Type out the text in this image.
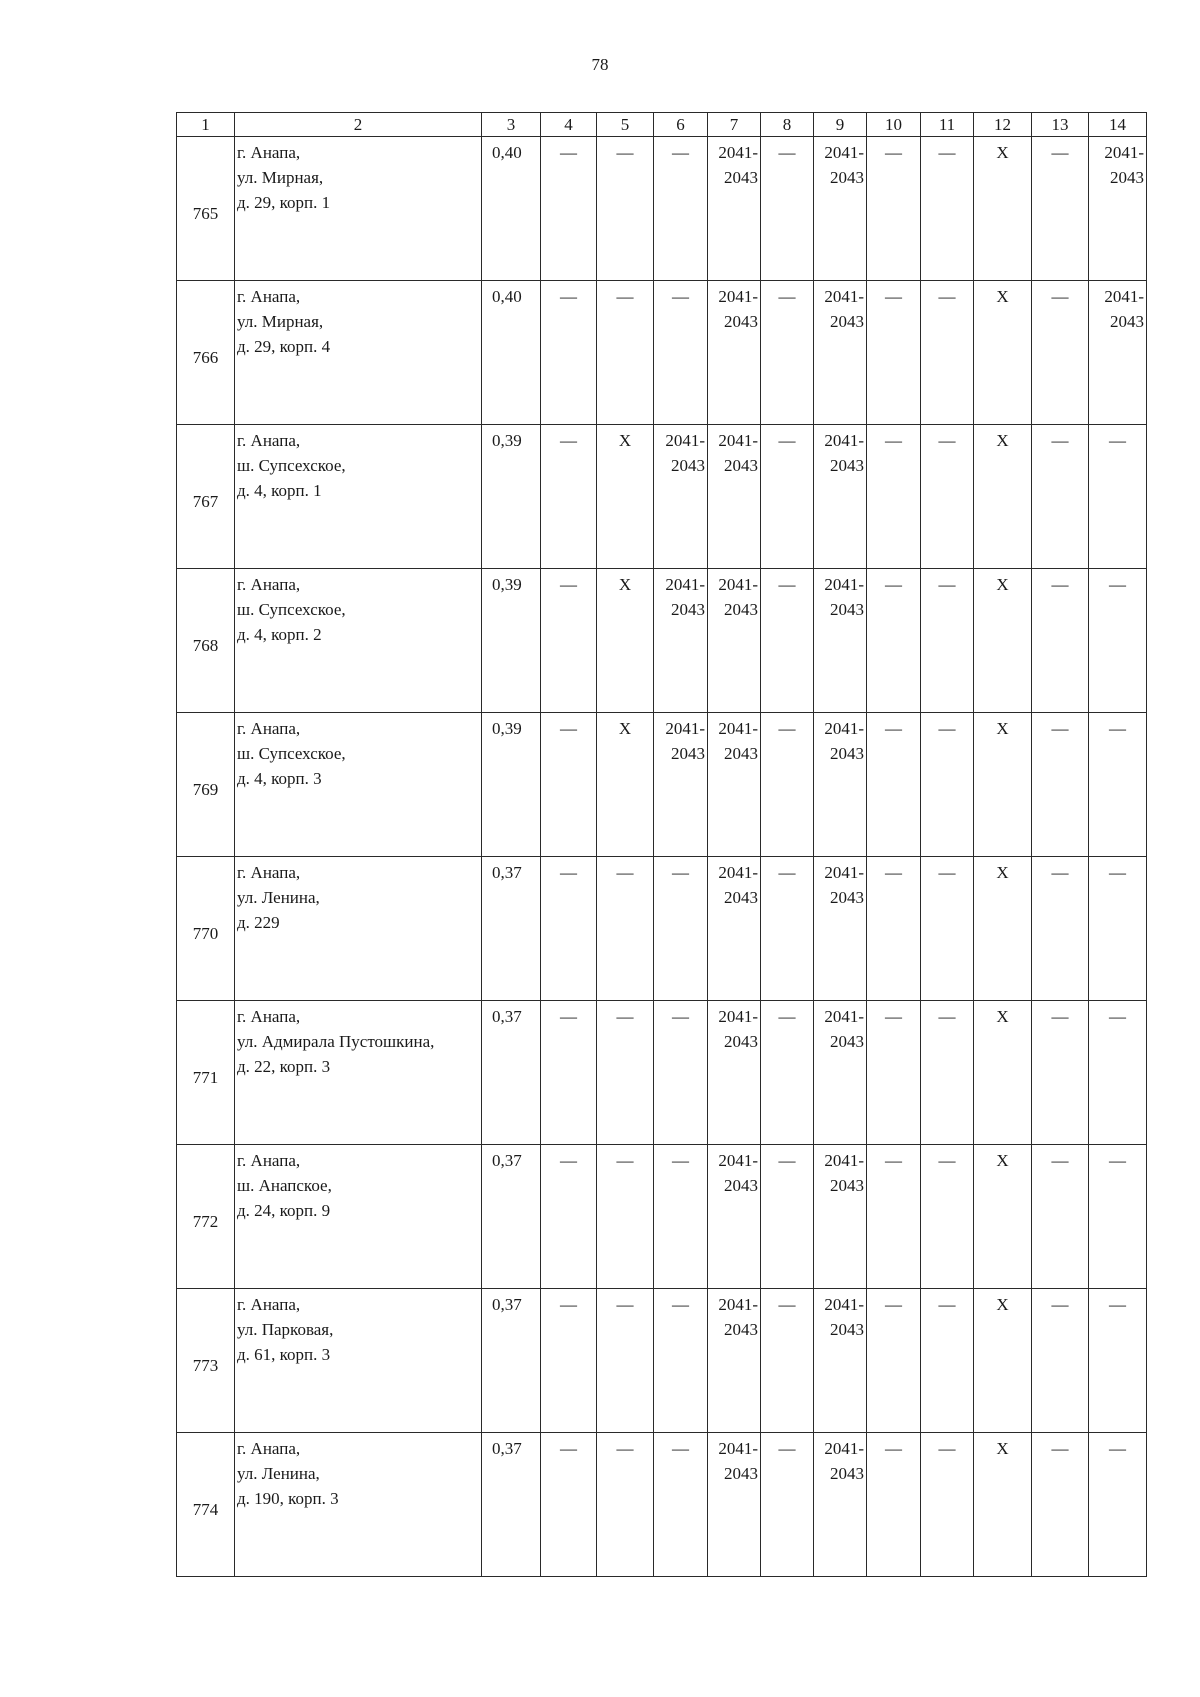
78
1	2	3	4	5	6	7	8	9	10	11	12	13	14
765	г. Анапа,
ул. Мирная,
д. 29, корп. 1	0,40	—	—	—	2041-
2043	—	2041-
2043	—	—	Х	—	2041-
2043

766	г. Анапа,
ул. Мирная,
д. 29, корп. 4	0,40	—	—	—	2041-
2043	—	2041-
2043	—	—	Х	—	2041-
2043

767	г. Анапа,
ш. Супсехское,
д. 4, корп. 1	0,39	—	Х	2041-
2043	2041-
2043	—	2041-
2043	—	—	Х	—	—
768	г. Анапа,
ш. Супсехское,
д. 4, корп. 2	0,39	—	Х	2041-
2043	2041-
2043	—	2041-
2043	—	—	Х	—	—
769	г. Анапа,
ш. Супсехское,
д. 4, корп. 3	0,39	—	Х	2041-
2043	2041-
2043	—	2041-
2043	—	—	Х	—	—
770	г. Анапа,
ул. Ленина,
д. 229	0,37	—	—	—	2041-
2043	—	2041-
2043	—	—	Х	—	—
771	г. Анапа,
ул. Адмирала Пустошкина,
д. 22, корп. 3	0,37	—	—	—	2041-
2043	—	2041-
2043	—	—	Х	—	—
772	г. Анапа,
ш. Анапское,
д. 24, корп. 9	0,37	—	—	—	2041-
2043	—	2041-
2043	—	—	Х	—	—
773	г. Анапа,
ул. Парковая,
д. 61, корп. 3	0,37	—	—	—	2041-
2043	—	2041-
2043	—	—	Х	—	—
774	г. Анапа,
ул. Ленина,
д. 190, корп. 3	0,37	—	—	—	2041-
2043	—	2041-
2043	—	—	Х	—	—
